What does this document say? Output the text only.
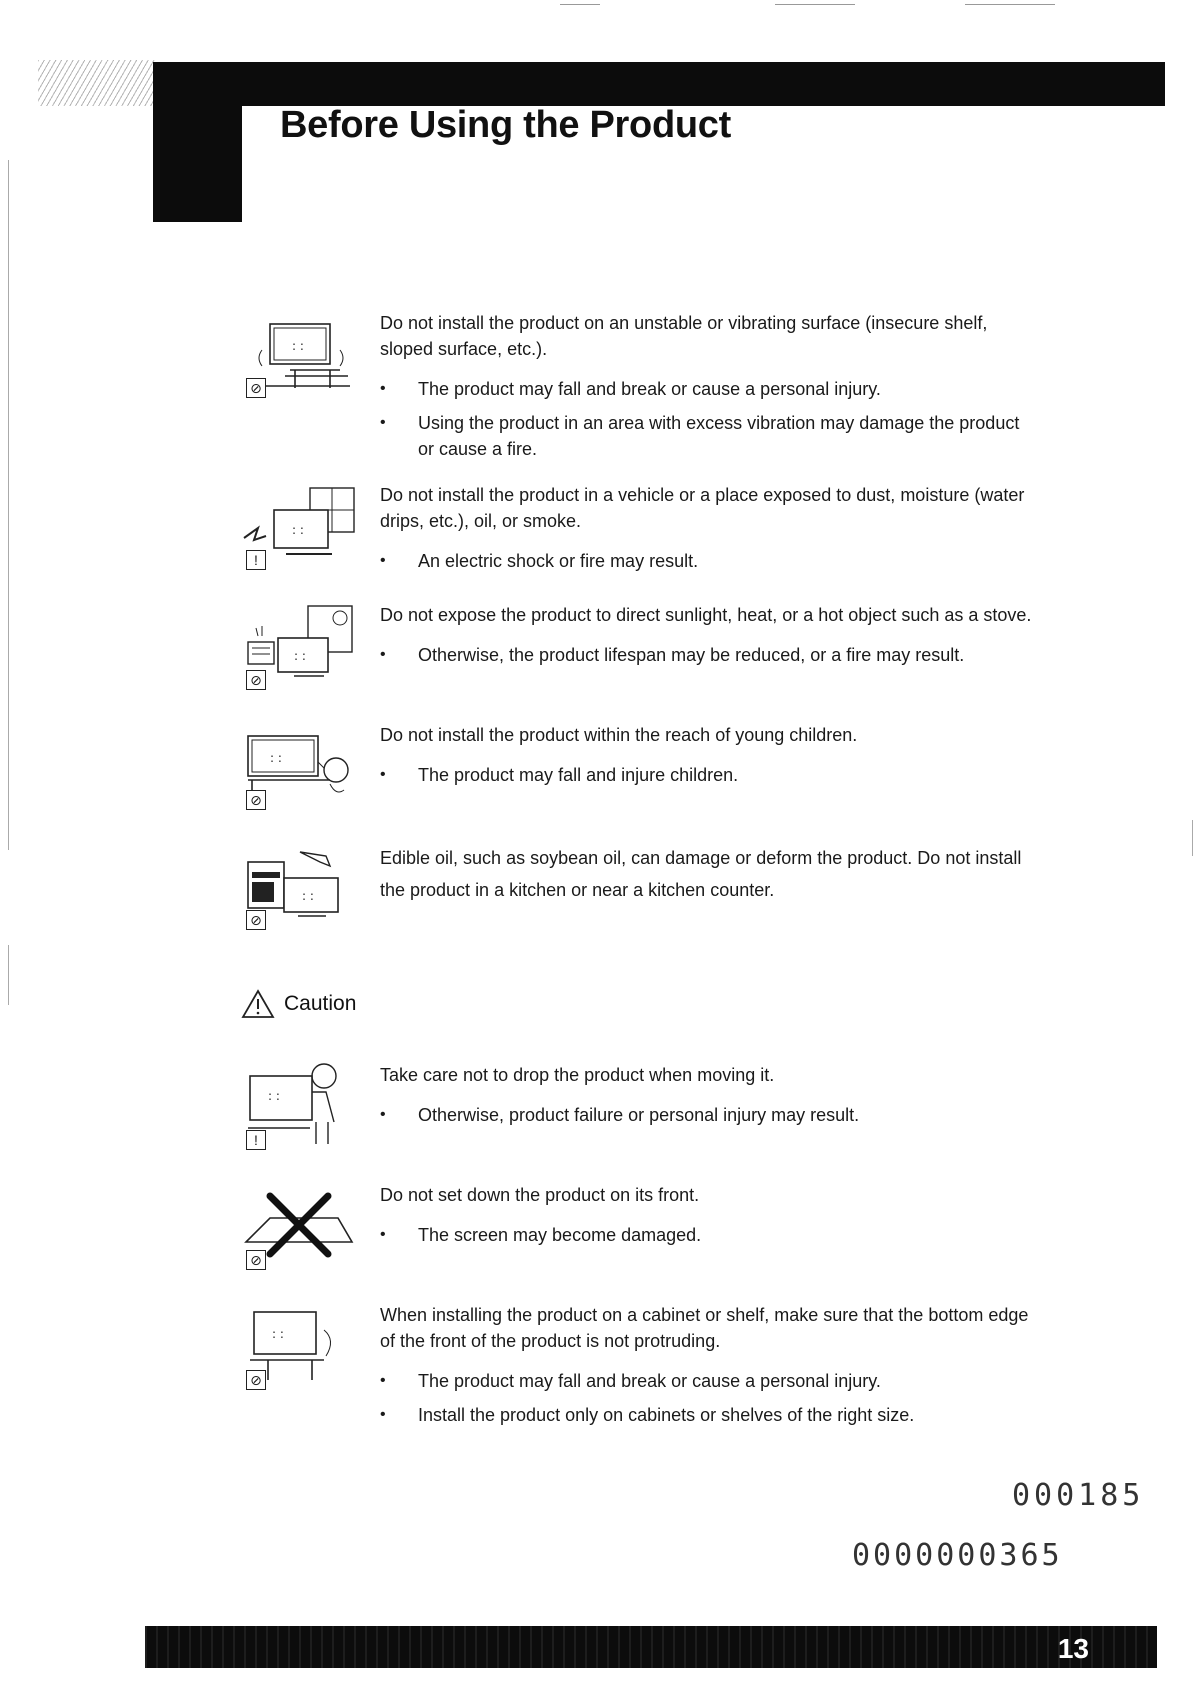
Before Using the Product
: :
⊘

Do not install the product on an unstable or vibrating surface (insecure shelf, sloped surface, etc.).

• The product may fall and break or cause a personal injury.
• Using the product in an area with excess vibration may damage the product or cause a fire.
: :
!

Do not install the product in a vehicle or a place exposed to dust, moisture (water drips, etc.), oil, or smoke.

• An electric shock or fire may result.
: :
⊘

Do not expose the product to direct sunlight, heat, or a hot object such as a stove.

• Otherwise, the product lifespan may be reduced, or a fire may result.
: :
⊘

Do not install the product within the reach of young children.

• The product may fall and injure children.
: :
⊘

Edible oil, such as soybean oil, can damage or deform the product. Do not install the product in a kitchen or near a kitchen counter.

Caution
: :
!

Take care not to drop the product when moving it.

• Otherwise, product failure or personal injury may result.
⊘

Do not set down the product on its front.

• The screen may become damaged.
: :
⊘

When installing the product on a cabinet or shelf, make sure that the bottom edge of the front of the product is not protruding.

• The product may fall and break or cause a personal injury.
• Install the product only on cabinets or shelves of the right size.
000185
0000000365
13
